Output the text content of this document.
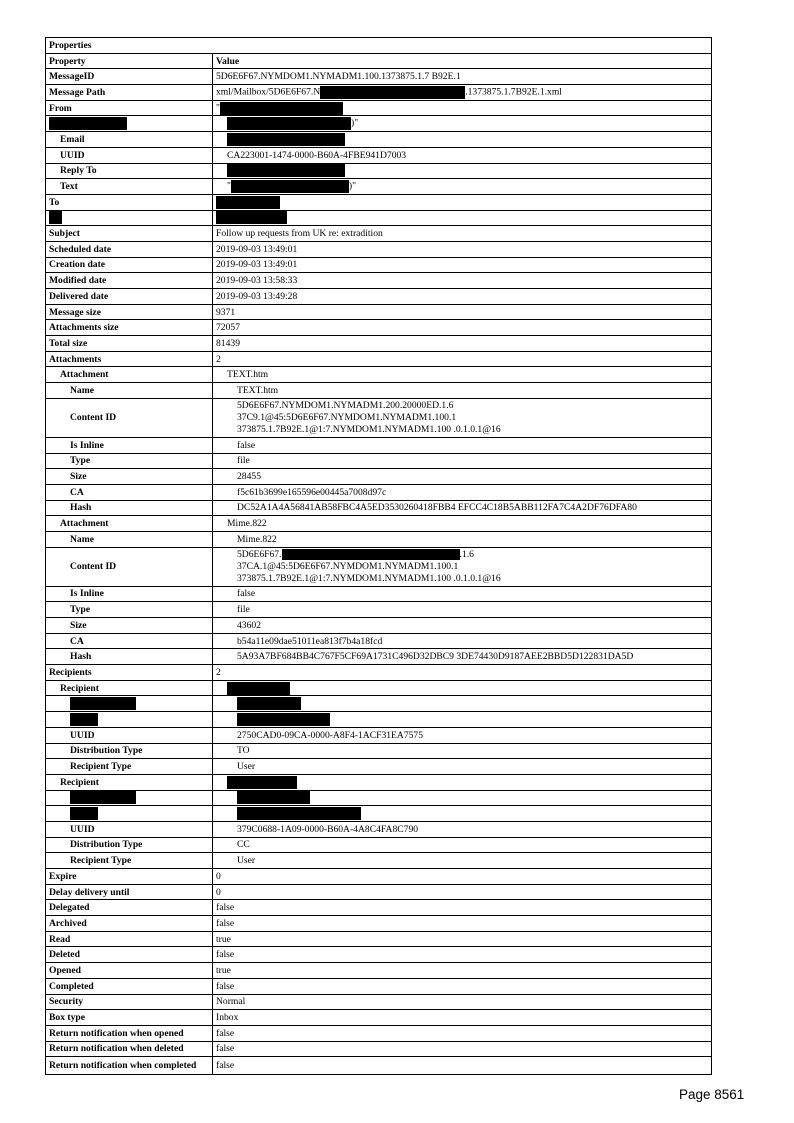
Properties	
Property	Value
MessageID	5D6E6F67.NYMDOM1.NYMADM1.100.1373875.1.7 B92E.1
Message Path	xml/Mailbox/5D6E6F67.N .1373875.1.7B92E.1.xml
From	"
	)"
Email	
UUID	CA223001-1474-0000-B60A-4FBE941D7003
Reply To	
Text	" )"
To	

Subject	Follow up requests from UK re: extradition
Scheduled date	2019-09-03 13:49:01
Creation date	2019-09-03 13:49:01
Modified date	2019-09-03 13:58:33
Delivered date	2019-09-03 13:49:28
Message size	9371
Attachments size	72057
Total size	81439
Attachments	2
Attachment	TEXT.htm
Name	TEXT.htm
Content ID	5D6E6F67.NYMDOM1.NYMADM1.200.20000ED.1.6
37C9.1@45:5D6E6F67.NYMDOM1.NYMADM1.100.1
373875.1.7B92E.1@1:7.NYMDOM1.NYMADM1.100 .0.1.0.1@16

Is Inline	false
Type	file
Size	28455
CA	f5c61b3699e165596e00445a7008d97c
Hash	DC52A1A4A56841AB58FBC4A5ED3530260418FBB4 EFCC4C18B5ABB112FA7C4A2DF76DFA80
Attachment	Mime.822
Name	Mime.822
Content ID	5D6E6F67. .1.6
37CA.1@45:5D6E6F67.NYMDOM1.NYMADM1.100.1
373875.1.7B92E.1@1:7.NYMDOM1.NYMADM1.100 .0.1.0.1@16

Is Inline	false
Type	file
Size	43602
CA	b54a11e09dae51011ea813f7b4a18fcd
Hash	5A93A7BF684BB4C767F5CF69A1731C496D32DBC9 3DE74430D9187AEE2BBD5D122831DA5D
Recipients	2
Recipient	

UUID	2750CAD0-09CA-0000-A8F4-1ACF31EA7575
Distribution Type	TO
Recipient Type	User
Recipient	

UUID	379C0688-1A09-0000-B60A-4A8C4FA8C790
Distribution Type	CC
Recipient Type	User
Expire	0
Delay delivery until	0
Delegated	false
Archived	false
Read	true
Deleted	false
Opened	true
Completed	false
Security	Normal
Box type	Inbox
Return notification when opened	false
Return notification when deleted	false
Return notification when completed	false
Page 8561
